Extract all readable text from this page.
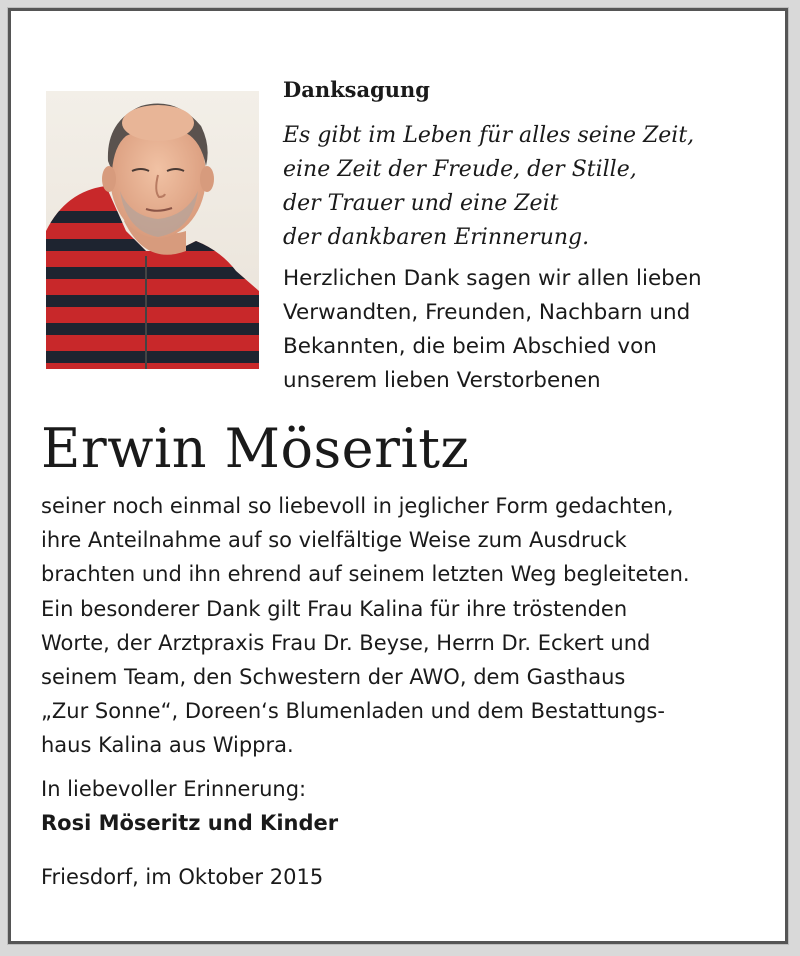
Danksagung
Es gibt im Leben für alles seine Zeit,
eine Zeit der Freude, der Stille,
der Trauer und eine Zeit
der dankbaren Erinnerung.
Herzlichen Dank sagen wir allen lieben
Verwandten, Freunden, Nachbarn und
Bekannten, die beim Abschied von
unserem lieben Verstorbenen
Erwin Möseritz
seiner noch einmal so liebevoll in jeglicher Form gedachten,
ihre Anteilnahme auf so vielfältige Weise zum Ausdruck
brachten und ihn ehrend auf seinem letzten Weg begleiteten.
Ein besonderer Dank gilt Frau Kalina für ihre tröstenden
Worte, der Arztpraxis Frau Dr. Beyse, Herrn Dr. Eckert und
seinem Team, den Schwestern der AWO, dem Gasthaus
„Zur Sonne“, Doreen‘s Blumenladen und dem Bestattungs-
haus Kalina aus Wippra.
In liebevoller Erinnerung:
Rosi Möseritz und Kinder
Friesdorf, im Oktober 2015
